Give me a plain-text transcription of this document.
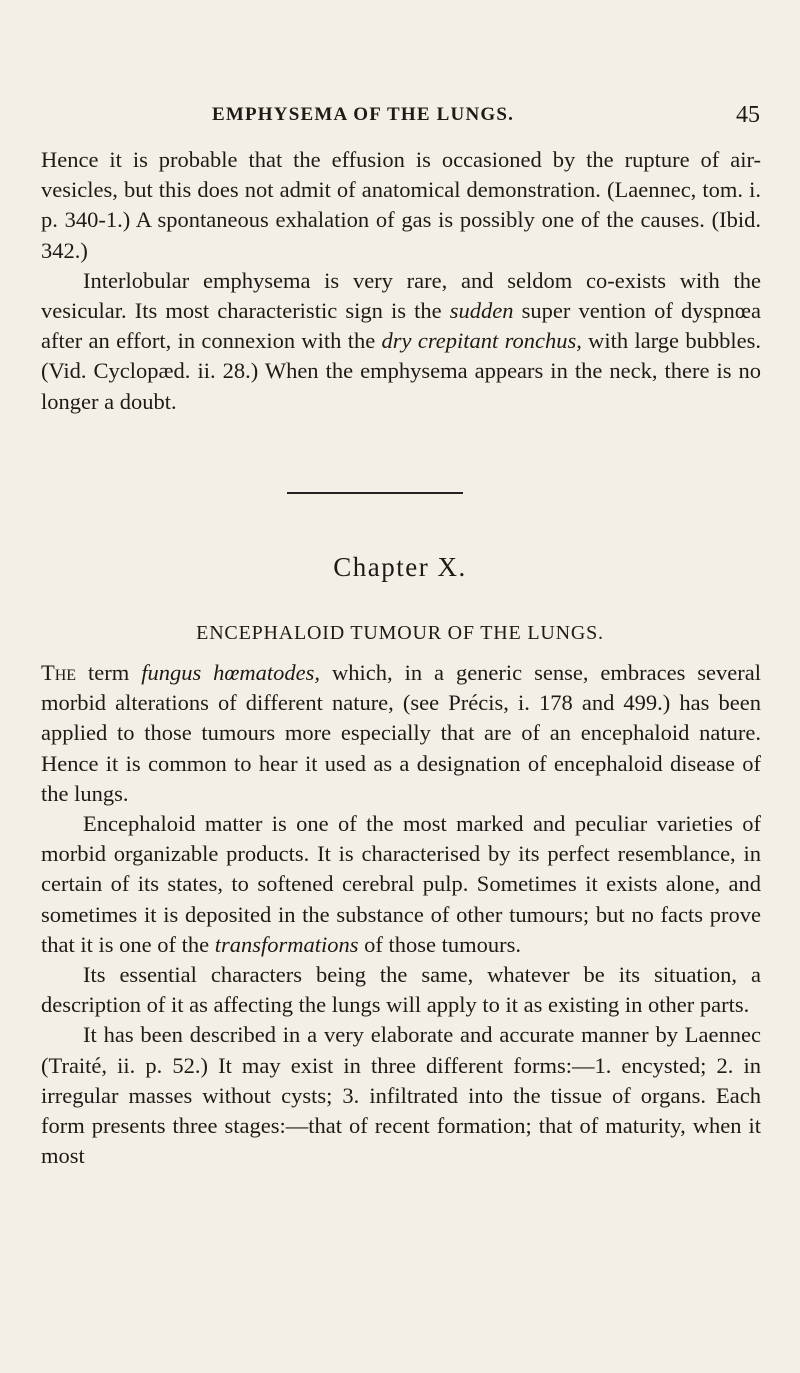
EMPHYSEMA OF THE LUNGS.	45

Hence it is probable that the effusion is occasioned by the rupture of air-vesicles, but this does not admit of anatomical demonstration. (Laennec, tom. i. p. 340-1.) A spontaneous exhalation of gas is possibly one of the causes. (Ibid. 342.)

Interlobular emphysema is very rare, and seldom co-exists with the vesicular. Its most characteristic sign is the sudden super vention of dyspnœa after an effort, in connexion with the dry crepitant ronchus, with large bubbles. (Vid. Cyclopæd. ii. 28.) When the emphysema appears in the neck, there is no longer a doubt.

Chapter X.
ENCEPHALOID TUMOUR OF THE LUNGS.

The term fungus hœmatodes, which, in a generic sense, embraces several morbid alterations of different nature, (see Précis, i. 178 and 499.) has been applied to those tumours more especially that are of an encephaloid nature. Hence it is common to hear it used as a designation of encephaloid disease of the lungs.

Encephaloid matter is one of the most marked and peculiar varieties of morbid organizable products. It is characterised by its perfect resemblance, in certain of its states, to softened cerebral pulp. Sometimes it exists alone, and sometimes it is deposited in the substance of other tumours; but no facts prove that it is one of the transformations of those tumours.

Its essential characters being the same, whatever be its situation, a description of it as affecting the lungs will apply to it as existing in other parts.

It has been described in a very elaborate and accurate manner by Laennec (Traité, ii. p. 52.) It may exist in three different forms:—1. encysted; 2. in irregular masses without cysts; 3. infiltrated into the tissue of organs. Each form presents three stages:—that of recent formation; that of maturity, when it most
